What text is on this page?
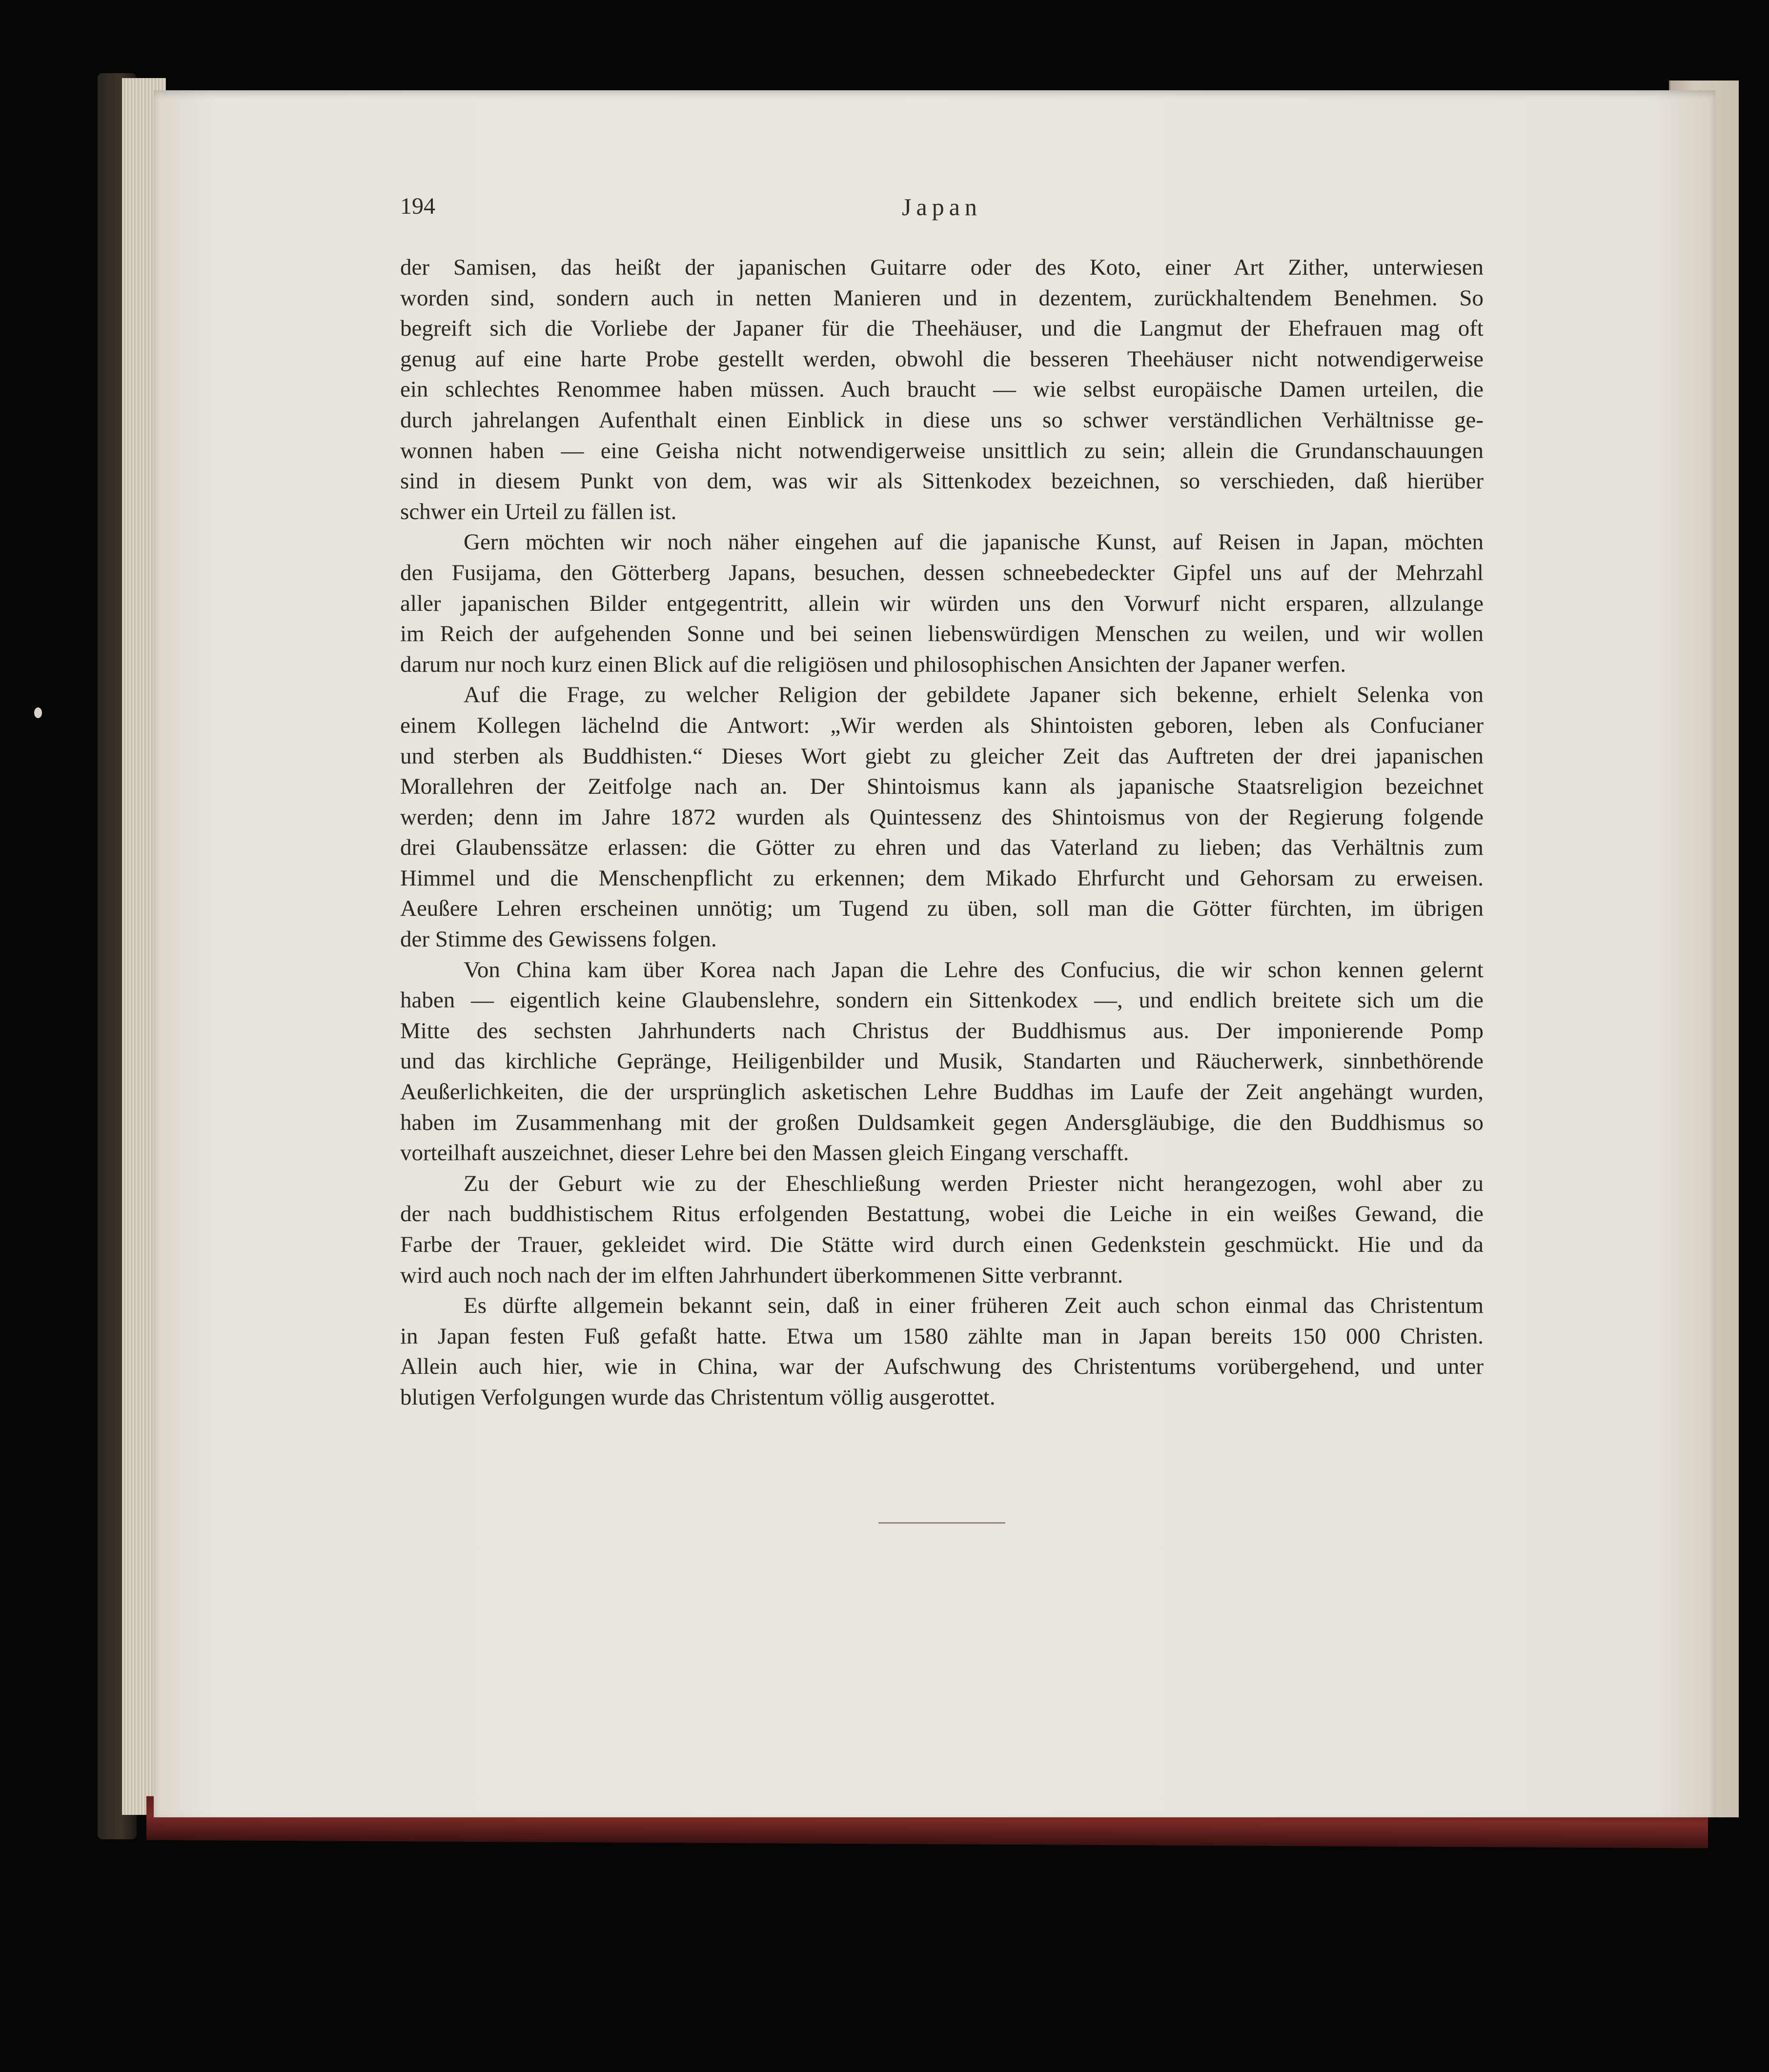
194	Japan

der Samisen, das heißt der japanischen Guitarre oder des Koto, einer Art Zither, unterwiesen

worden sind, sondern auch in netten Manieren und in dezentem, zurückhaltendem Benehmen. So

begreift sich die Vorliebe der Japaner für die Theehäuser, und die Langmut der Ehefrauen mag oft

genug auf eine harte Probe gestellt werden, obwohl die besseren Theehäuser nicht notwendigerweise

ein schlechtes Renommee haben müssen. Auch braucht — wie selbst europäische Damen urteilen, die

durch jahrelangen Aufenthalt einen Einblick in diese uns so schwer verständlichen Verhältnisse ge-

wonnen haben — eine Geisha nicht notwendigerweise unsittlich zu sein; allein die Grundanschauungen

sind in diesem Punkt von dem, was wir als Sittenkodex bezeichnen, so verschieden, daß hierüber

schwer ein Urteil zu fällen ist.

Gern möchten wir noch näher eingehen auf die japanische Kunst, auf Reisen in Japan, möchten

den Fusijama, den Götterberg Japans, besuchen, dessen schneebedeckter Gipfel uns auf der Mehrzahl

aller japanischen Bilder entgegentritt, allein wir würden uns den Vorwurf nicht ersparen, allzulange

im Reich der aufgehenden Sonne und bei seinen liebenswürdigen Menschen zu weilen, und wir wollen

darum nur noch kurz einen Blick auf die religiösen und philosophischen Ansichten der Japaner werfen.

Auf die Frage, zu welcher Religion der gebildete Japaner sich bekenne, erhielt Selenka von

einem Kollegen lächelnd die Antwort: „Wir werden als Shintoisten geboren, leben als Confucianer

und sterben als Buddhisten.“ Dieses Wort giebt zu gleicher Zeit das Auftreten der drei japanischen

Morallehren der Zeitfolge nach an. Der Shintoismus kann als japanische Staatsreligion bezeichnet

werden; denn im Jahre 1872 wurden als Quintessenz des Shintoismus von der Regierung folgende

drei Glaubenssätze erlassen: die Götter zu ehren und das Vaterland zu lieben; das Verhältnis zum

Himmel und die Menschenpflicht zu erkennen; dem Mikado Ehrfurcht und Gehorsam zu erweisen.

Aeußere Lehren erscheinen unnötig; um Tugend zu üben, soll man die Götter fürchten, im übrigen

der Stimme des Gewissens folgen.

Von China kam über Korea nach Japan die Lehre des Confucius, die wir schon kennen gelernt

haben — eigentlich keine Glaubenslehre, sondern ein Sittenkodex —, und endlich breitete sich um die

Mitte des sechsten Jahrhunderts nach Christus der Buddhismus aus. Der imponierende Pomp

und das kirchliche Gepränge, Heiligenbilder und Musik, Standarten und Räucherwerk, sinnbethörende

Aeußerlichkeiten, die der ursprünglich asketischen Lehre Buddhas im Laufe der Zeit angehängt wurden,

haben im Zusammenhang mit der großen Duldsamkeit gegen Andersgläubige, die den Buddhismus so

vorteilhaft auszeichnet, dieser Lehre bei den Massen gleich Eingang verschafft.

Zu der Geburt wie zu der Eheschließung werden Priester nicht herangezogen, wohl aber zu

der nach buddhistischem Ritus erfolgenden Bestattung, wobei die Leiche in ein weißes Gewand, die

Farbe der Trauer, gekleidet wird. Die Stätte wird durch einen Gedenkstein geschmückt. Hie und da

wird auch noch nach der im elften Jahrhundert überkommenen Sitte verbrannt.

Es dürfte allgemein bekannt sein, daß in einer früheren Zeit auch schon einmal das Christentum

in Japan festen Fuß gefaßt hatte. Etwa um 1580 zählte man in Japan bereits 150 000 Christen.

Allein auch hier, wie in China, war der Aufschwung des Christentums vorübergehend, und unter

blutigen Verfolgungen wurde das Christentum völlig ausgerottet.
